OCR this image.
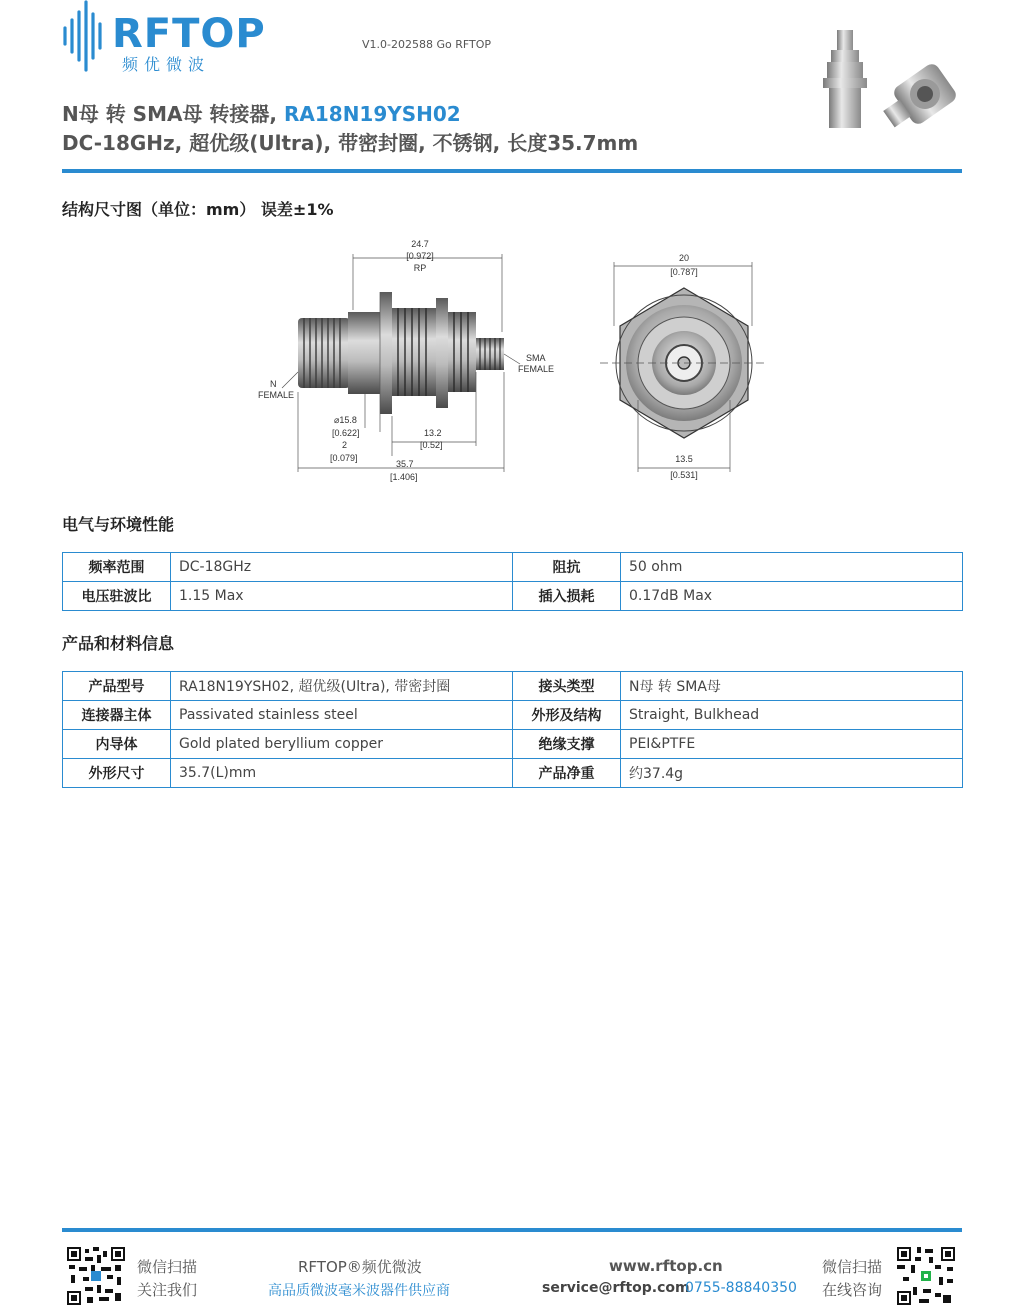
RFTOP
频优微波
V1.0-202588 Go RFTOP
N母 转 SMA母 转接器, RA18N19YSH02
DC-18GHz, 超优级(Ultra), 带密封圈, 不锈钢, 长度35.7mm
结构尺寸图（单位：mm） 误差±1%
24.7
[0.972]
RP
SMA
FEMALE
N
FEMALE
⌀15.8
[0.622]
2
[0.079]
13.2
[0.52]
35.7
[1.406]
20
[0.787]
13.5
[0.531]
电气与环境性能
频率范围	DC-18GHz	阻抗	50 ohm
电压驻波比	1.15 Max	插入损耗	0.17dB Max
产品和材料信息
产品型号	RA18N19YSH02, 超优级(Ultra), 带密封圈	接头类型	N母 转 SMA母
连接器主体	Passivated stainless steel	外形及结构	Straight, Bulkhead
内导体	Gold plated beryllium copper	绝缘支撑	PEI&PTFE
外形尺寸	35.7(L)mm	产品净重	约37.4g
微信扫描
关注我们
RFTOP®频优微波
高品质微波毫米波器件供应商
www.rftop.cn
service@rftop.com
0755-88840350
微信扫描
在线咨询
